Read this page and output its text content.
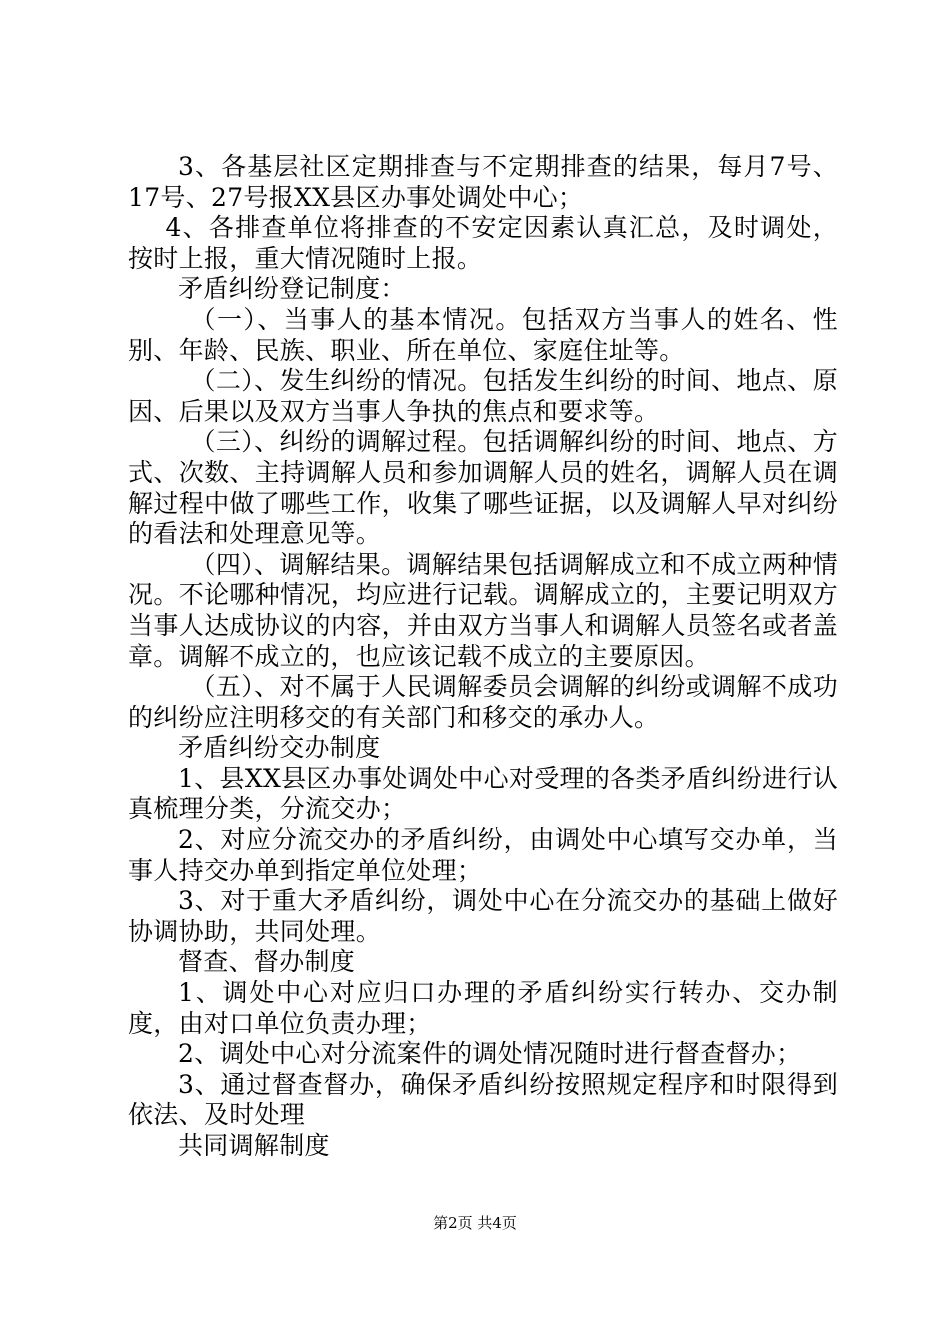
3、各基层社区定期排查与不定期排查的结果，每月7号、17号、27号报XX县区办事处调处中心；

4、各排查单位将排查的不安定因素认真汇总，及时调处，按时上报，重大情况随时上报。

矛盾纠纷登记制度：

（一）、当事人的基本情况。包括双方当事人的姓名、性别、年龄、民族、职业、所在单位、家庭住址等。

（二）、发生纠纷的情况。包括发生纠纷的时间、地点、原因、后果以及双方当事人争执的焦点和要求等。

（三）、纠纷的调解过程。包括调解纠纷的时间、地点、方式、次数、主持调解人员和参加调解人员的姓名，调解人员在调解过程中做了哪些工作，收集了哪些证据，以及调解人早对纠纷的看法和处理意见等。

（四）、调解结果。调解结果包括调解成立和不成立两种情况。不论哪种情况，均应进行记载。调解成立的，主要记明双方当事人达成协议的内容，并由双方当事人和调解人员签名或者盖章。调解不成立的，也应该记载不成立的主要原因。

（五）、对不属于人民调解委员会调解的纠纷或调解不成功的纠纷应注明移交的有关部门和移交的承办人。

矛盾纠纷交办制度

1、县XX县区办事处调处中心对受理的各类矛盾纠纷进行认真梳理分类，分流交办；

2、对应分流交办的矛盾纠纷，由调处中心填写交办单，当事人持交办单到指定单位处理；

3、对于重大矛盾纠纷，调处中心在分流交办的基础上做好协调协助，共同处理。

督查、督办制度

1、调处中心对应归口办理的矛盾纠纷实行转办、交办制度，由对口单位负责办理；

2、调处中心对分流案件的调处情况随时进行督查督办；

3、通过督查督办，确保矛盾纠纷按照规定程序和时限得到依法、及时处理

共同调解制度

第2页 共4页
